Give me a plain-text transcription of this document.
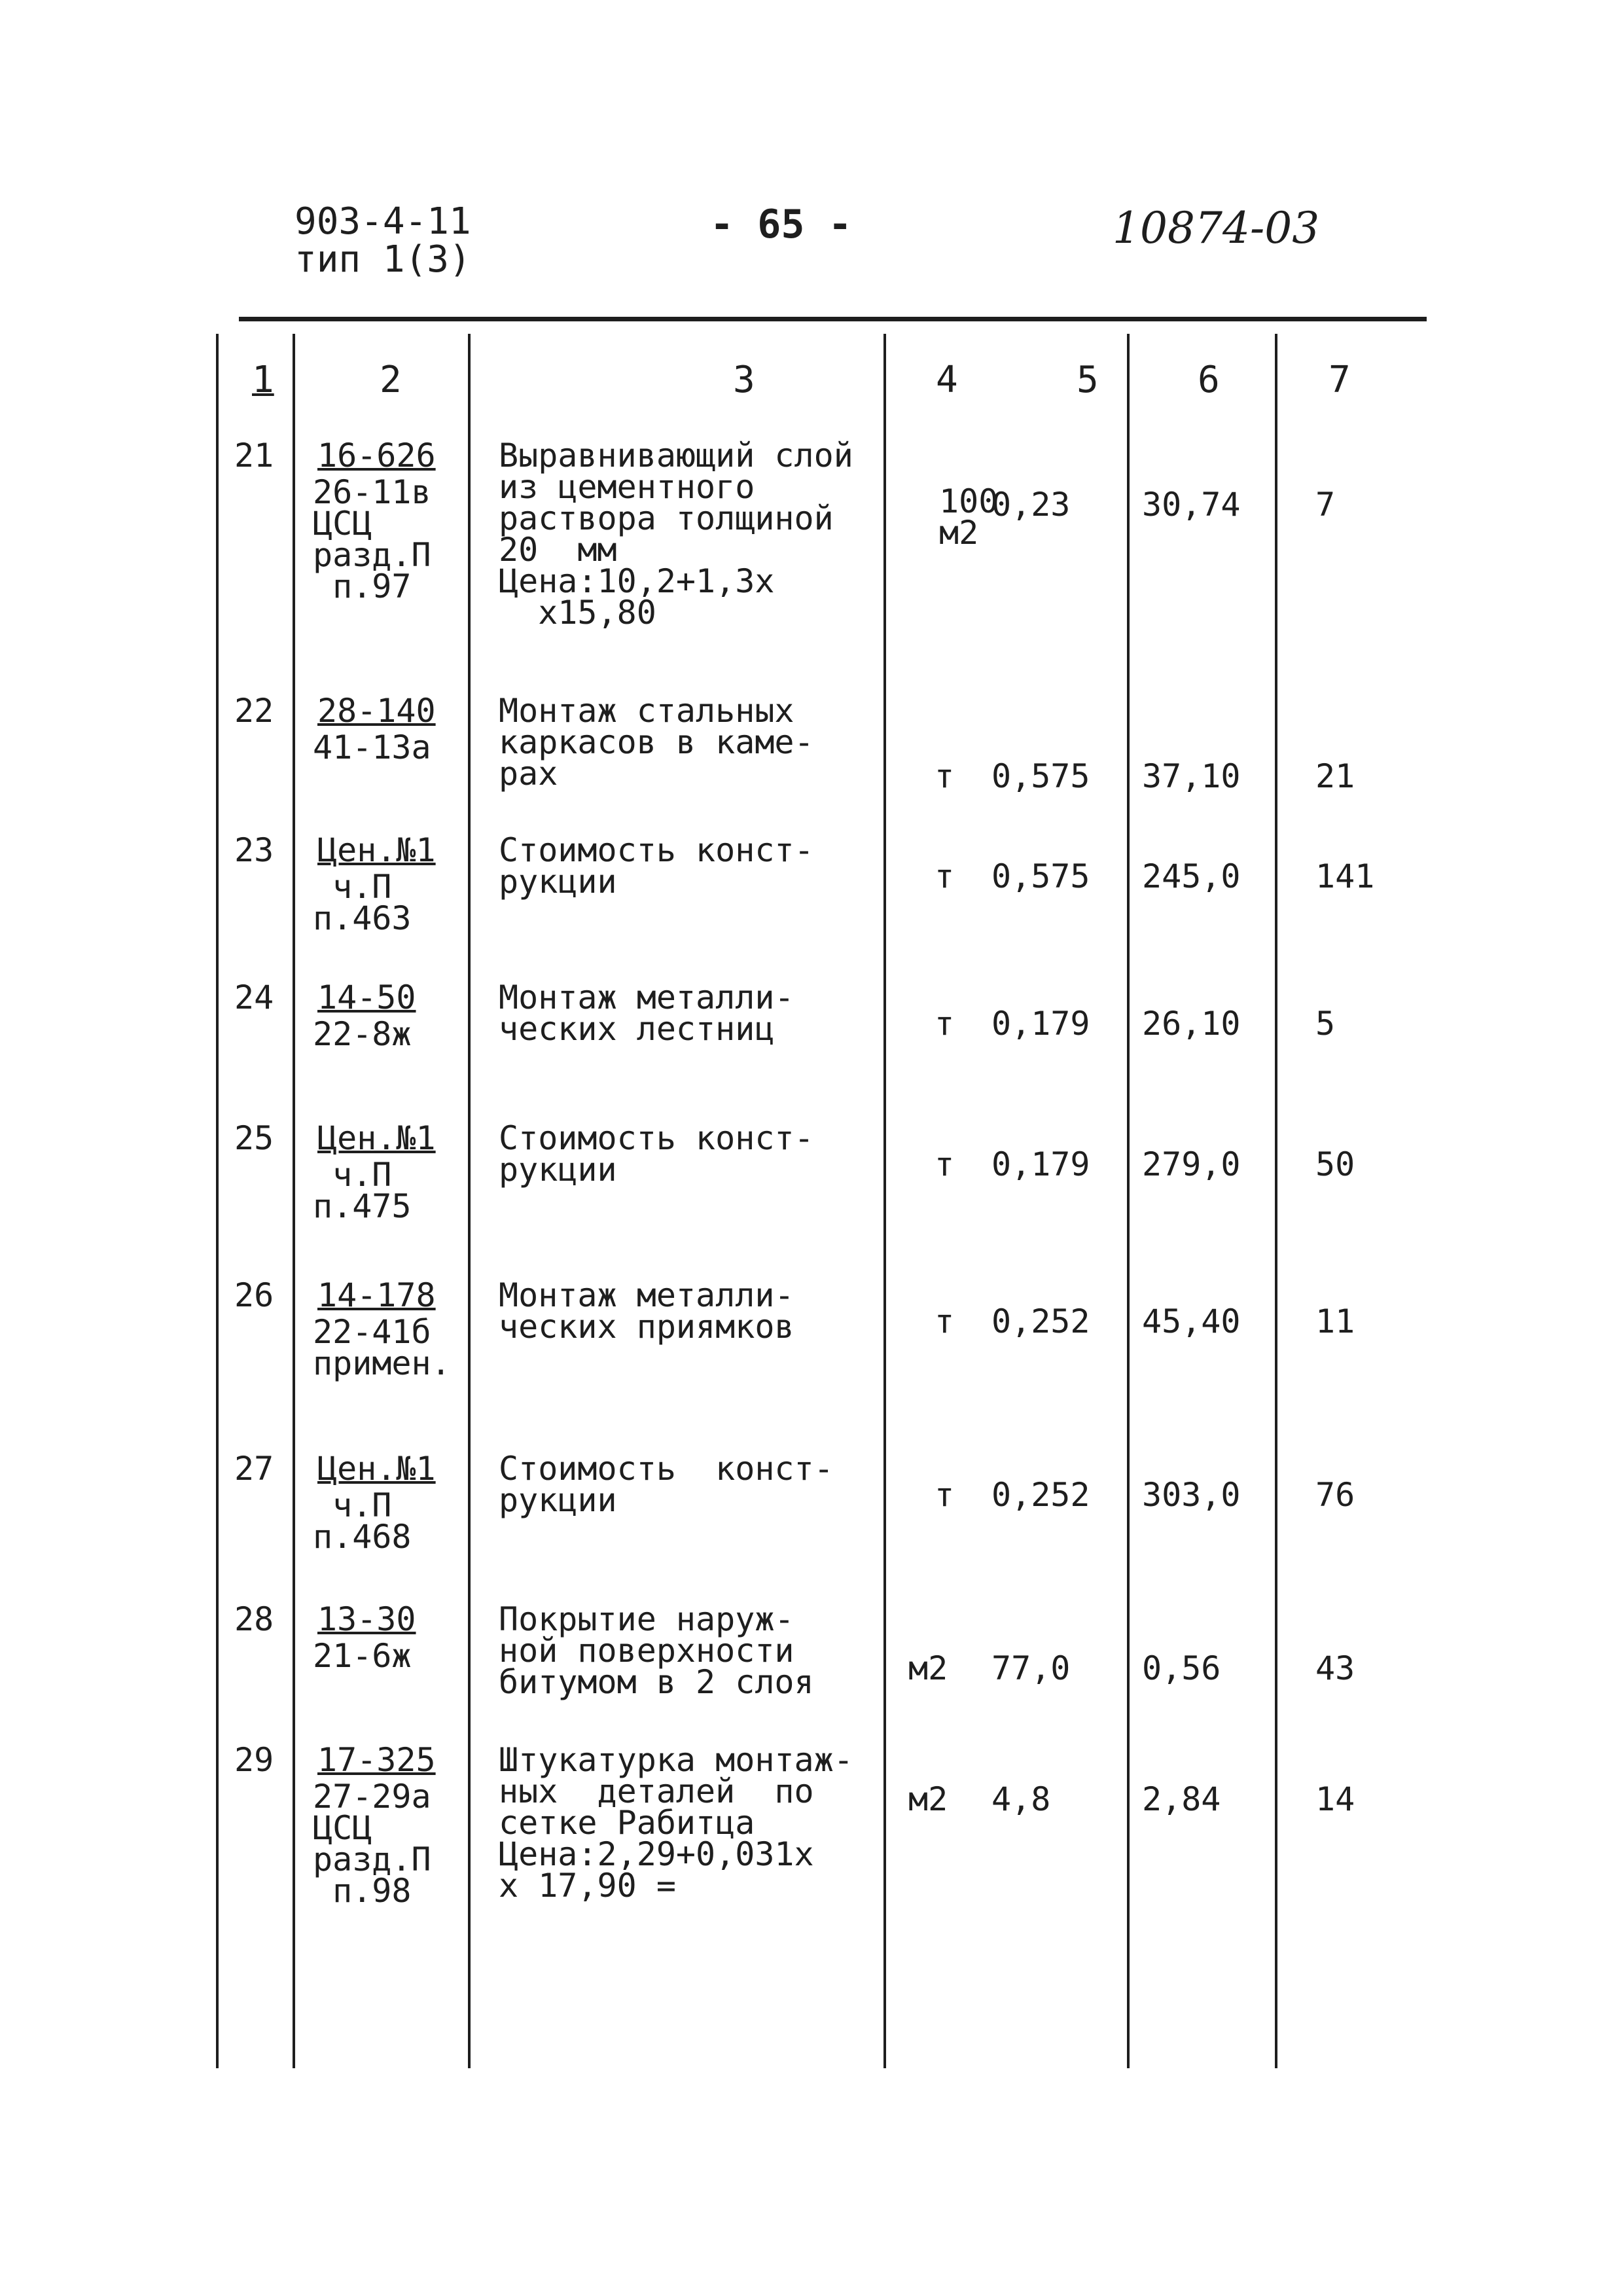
903-4-11
тип 1(3)
- 65 -	10874-03
1	2	3	4	5	6	7
21 16-626
26-11в
ЦСЦ
разд.П
п.97
Выравнивающий слой
из цементного
раствора толщиной
20  мм
Цена:10,2+1,3х
х15,80
100
м2
0,23 30,74 7
22 28-140
41-13а
Монтаж стальных
каркасов в каме-
рах	т 0,575 37,10 21
23 Цен.№1
ч.П
п.463
Стоимость конст-
рукции	т 0,575 245,0 141
24 14-50
22-8ж
Монтаж металли-
ческих лестниц	т 0,179 26,10 5
25 Цен.№1
ч.П
п.475
Стоимость конст-
рукции	т 0,179 279,0 50
26 14-178
22-41б
примен.
Монтаж металли-
ческих приямков	т 0,252 45,40 11
27 Цен.№1
ч.П
п.468
Стоимость  конст-
рукции	т 0,252 303,0 76
28 13-30
21-6ж
Покрытие наруж-
ной поверхности
битумом в 2 слоя	м2 77,0 0,56	43
29 17-325
27-29а
ЦСЦ
разд.П
п.98
Штукатурка монтаж-
ных  деталей  по
сетке Рабитца
Цена:2,29+0,031х
х 17,90 =
м2 4,8	2,84	14
